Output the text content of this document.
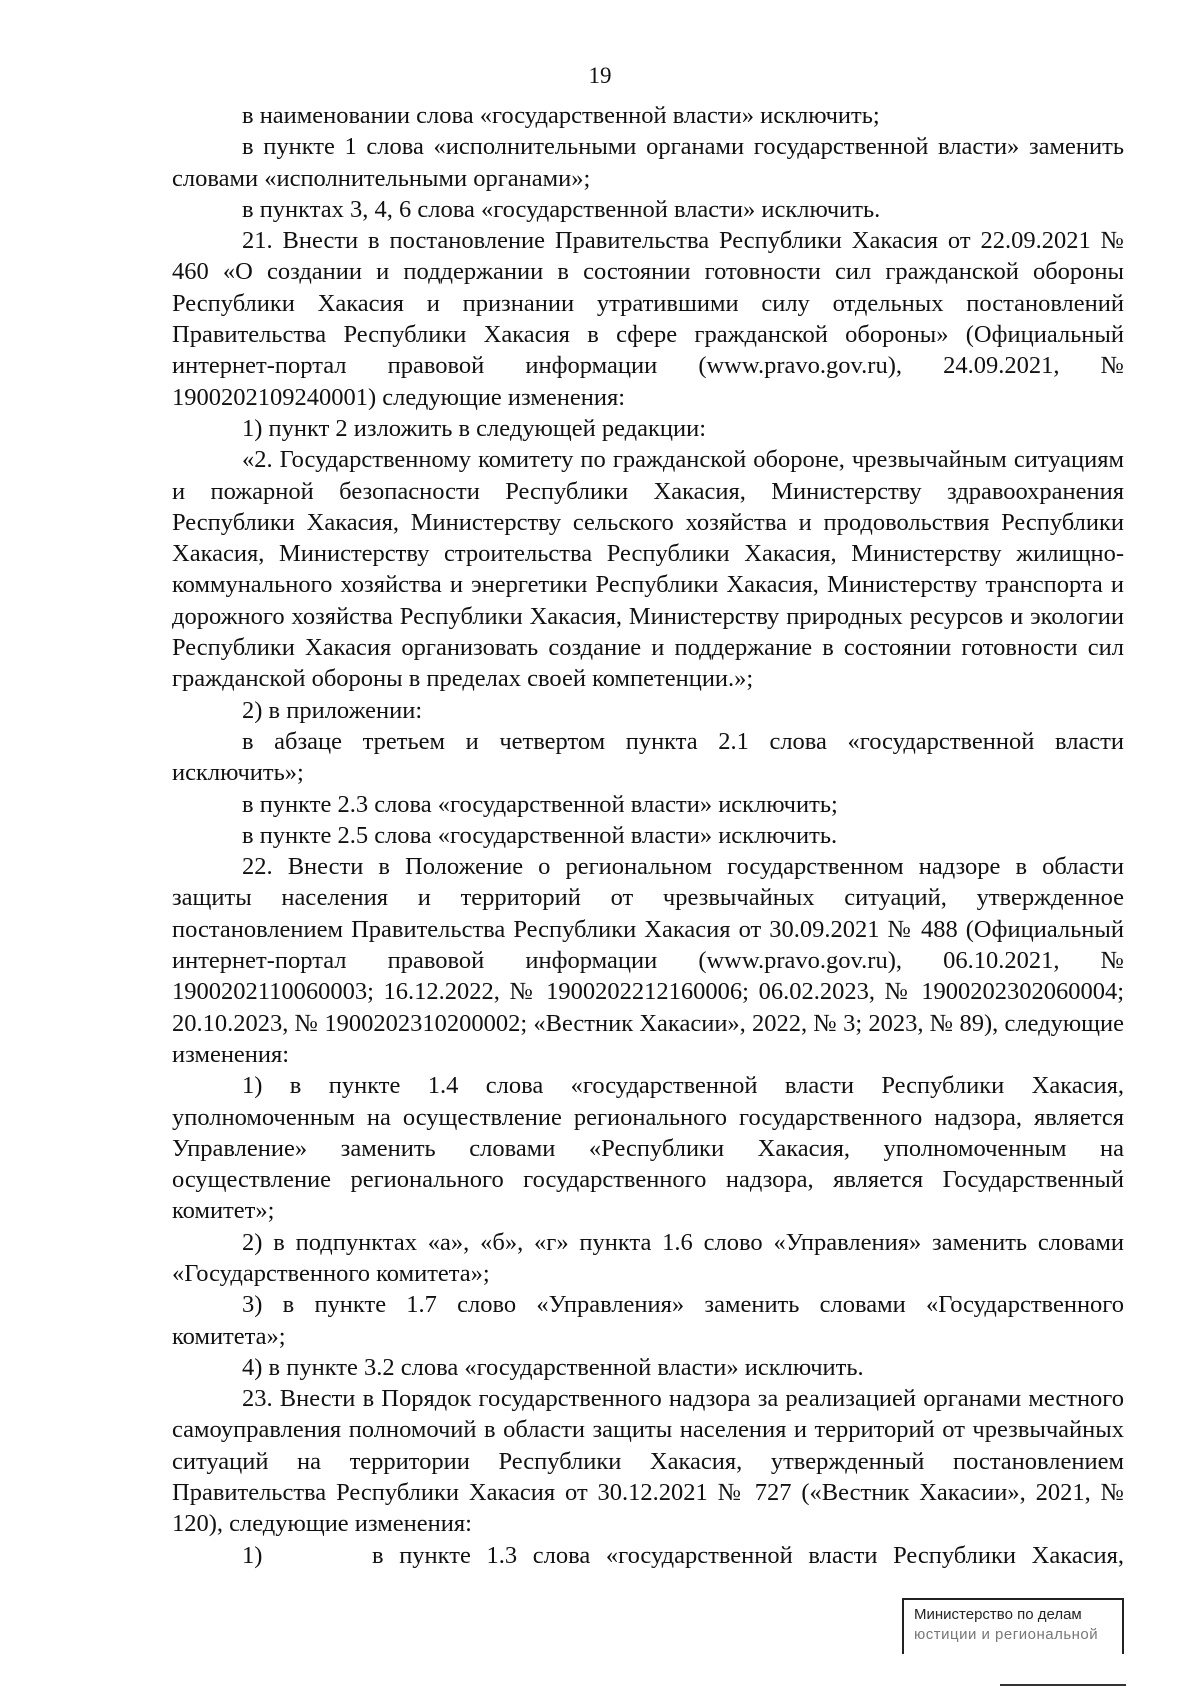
19

в наименовании слова «государственной власти» исключить;

в пункте 1 слова «исполнительными органами государственной власти» заменить словами «исполнительными органами»;

в пунктах 3, 4, 6 слова «государственной власти» исключить.

21. Внести в постановление Правительства Республики Хакасия от 22.09.2021 № 460 «О создании и поддержании в состоянии готовности сил гражданской обороны Республики Хакасия и признании утратившими силу отдельных постановлений Правительства Республики Хакасия в сфере гражданской обороны» (Официальный интернет-портал правовой информации (www.pravo.gov.ru), 24.09.2021, № 1900202109240001) следующие изменения:

1) пункт 2 изложить в следующей редакции:

«2. Государственному комитету по гражданской обороне, чрезвычайным ситуациям и пожарной безопасности Республики Хакасия, Министерству здравоохранения Республики Хакасия, Министерству сельского хозяйства и продовольствия Республики Хакасия, Министерству строительства Республики Хакасия, Министерству жилищно-коммунального хозяйства и энергетики Республики Хакасия, Министерству транспорта и дорожного хозяйства Республики Хакасия, Министерству природных ресурсов и экологии Республики Хакасия организовать создание и поддержание в состоянии готовности сил гражданской обороны в пределах своей компетенции.»;

2) в приложении:

в абзаце третьем и четвертом пункта 2.1 слова «государственной власти исключить»;

в пункте 2.3 слова «государственной власти» исключить;

в пункте 2.5 слова «государственной власти» исключить.

22. Внести в Положение о региональном государственном надзоре в области защиты населения и территорий от чрезвычайных ситуаций, утвержденное постановлением Правительства Республики Хакасия от 30.09.2021 № 488 (Официальный интернет-портал правовой информации (www.pravo.gov.ru), 06.10.2021, № 1900202110060003; 16.12.2022, № 1900202212160006; 06.02.2023, № 1900202302060004; 20.10.2023, № 1900202310200002; «Вестник Хакасии», 2022, № 3; 2023, № 89), следующие изменения:

1) в пункте 1.4 слова «государственной власти Республики Хакасия, уполномоченным на осуществление регионального государственного надзора, является Управление» заменить словами «Республики Хакасия, уполномоченным на осуществление регионального государственного надзора, является Государственный комитет»;

2) в подпунктах «а», «б», «г» пункта 1.6 слово «Управления» заменить словами «Государственного комитета»;

3) в пункте 1.7 слово «Управления» заменить словами «Государственного комитета»;

4) в пункте 3.2 слова «государственной власти» исключить.

23. Внести в Порядок государственного надзора за реализацией органами местного самоуправления полномочий в области защиты населения и территорий от чрезвычайных ситуаций на территории Республики Хакасия, утвержденный постановлением Правительства Республики Хакасия от 30.12.2021 № 727 («Вестник Хакасии», 2021, № 120), следующие изменения:

1)       в пункте 1.3 слова «государственной власти Республики Хакасия,

Министерство по делам
юстиции и региональной
